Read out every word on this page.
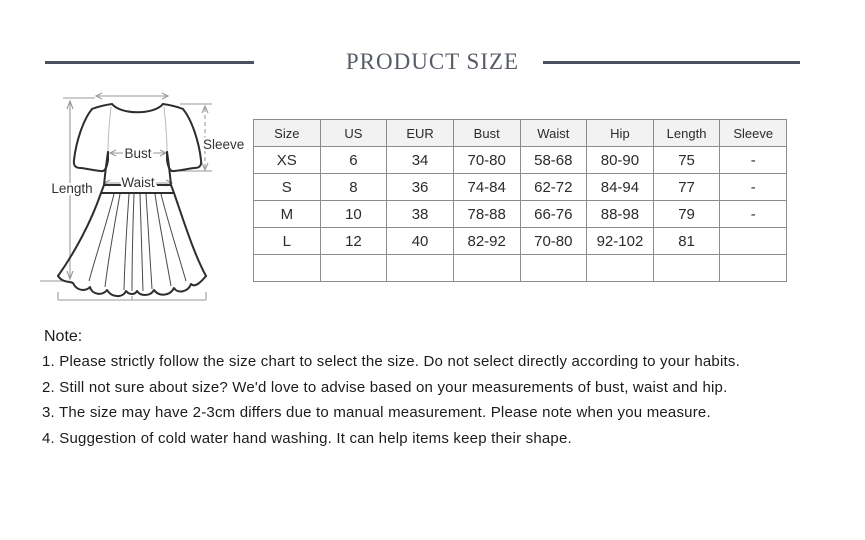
PRODUCT SIZE
Bust
Waist
Length
Sleeve
Size	US	EUR	Bust	Waist	Hip	Length	Sleeve
XS	6	34	70-80	58-68	80-90	75	-
S	8	36	74-84	62-72	84-94	77	-
M	10	38	78-88	66-76	88-98	79	-
L	12	40	82-92	70-80	92-102	81	

Note:
1. Please strictly follow the size chart to select the size. Do not select directly according to your habits.
2. Still not sure about size? We'd love to advise based on your measurements of bust, waist and hip.
3. The size may have 2-3cm differs due to manual measurement. Please note when you measure.
4. Suggestion of cold water hand washing. It can help items keep their shape.
